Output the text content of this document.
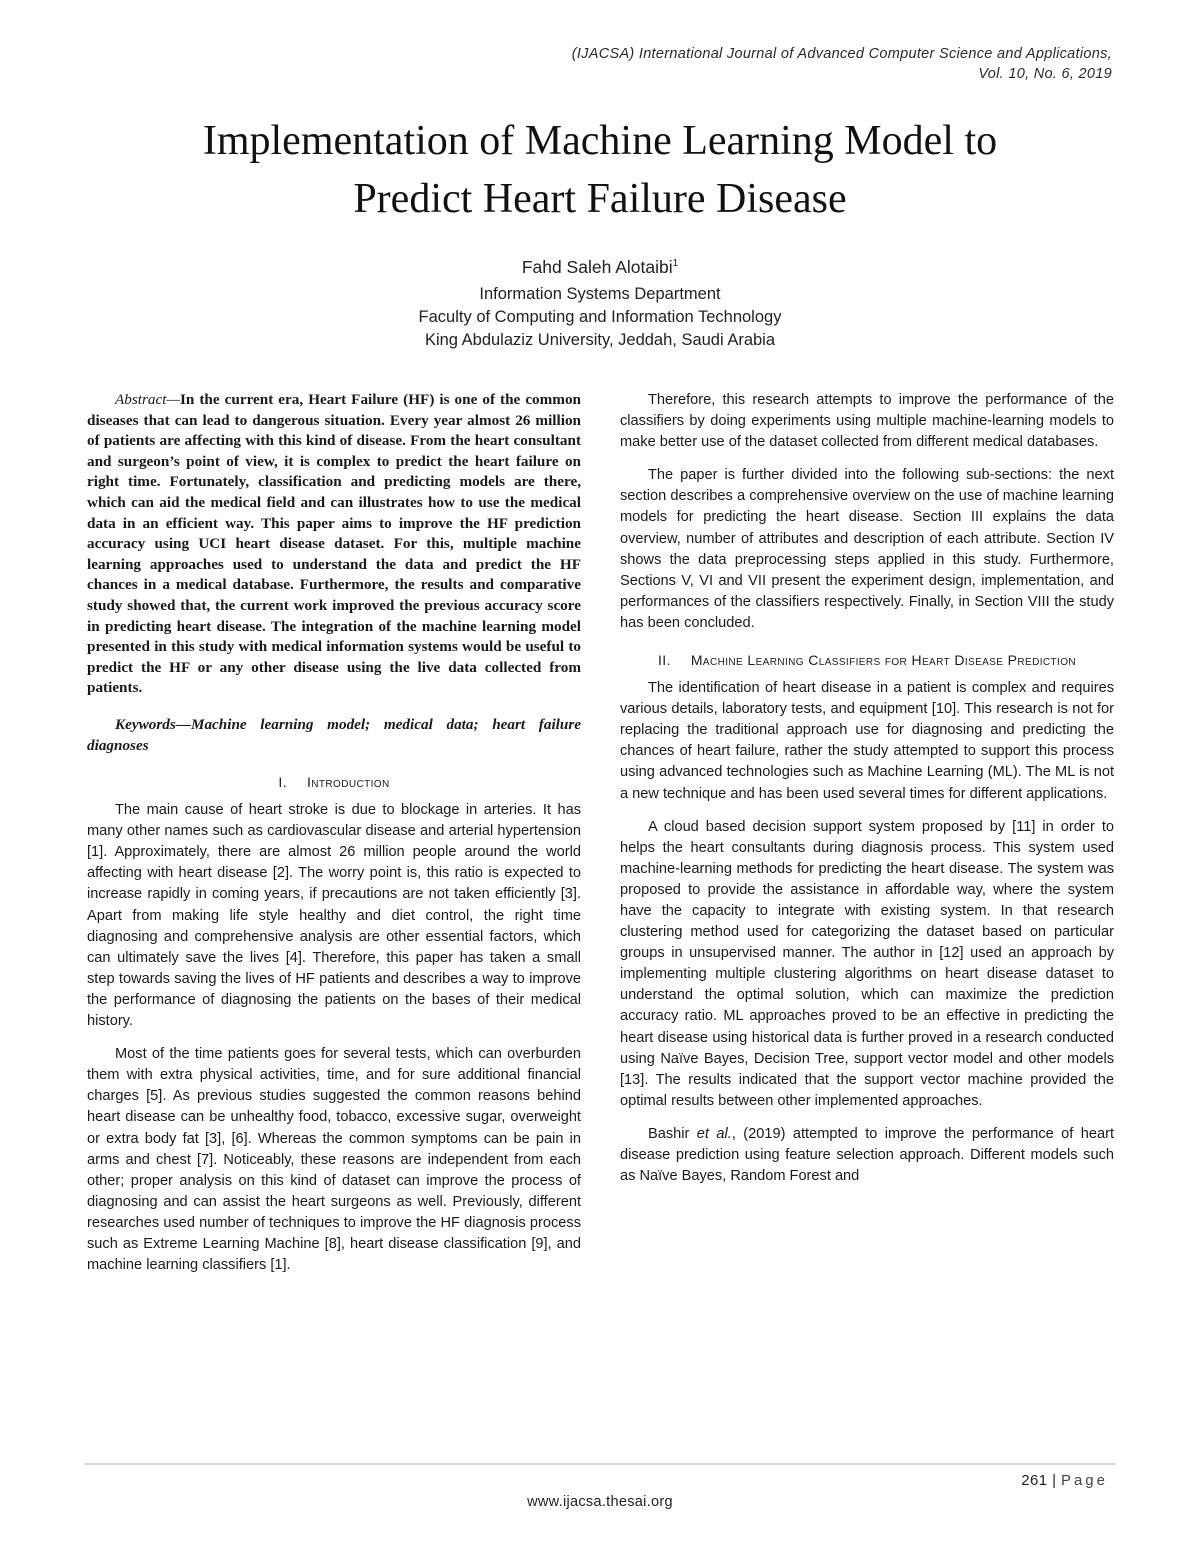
(IJACSA) International Journal of Advanced Computer Science and Applications,
Vol. 10, No. 6, 2019
Implementation of Machine Learning Model to
Predict Heart Failure Disease
Fahd Saleh Alotaibi$^1$
Information Systems Department
Faculty of Computing and Information Technology
King Abdulaziz University, Jeddah, Saudi Arabia

Abstract—In the current era, Heart Failure (HF) is one of the common diseases that can lead to dangerous situation. Every year almost 26 million of patients are affecting with this kind of disease. From the heart consultant and surgeon’s point of view, it is complex to predict the heart failure on right time. Fortunately, classification and predicting models are there, which can aid the medical field and can illustrates how to use the medical data in an efficient way. This paper aims to improve the HF prediction accuracy using UCI heart disease dataset. For this, multiple machine learning approaches used to understand the data and predict the HF chances in a medical database. Furthermore, the results and comparative study showed that, the current work improved the previous accuracy score in predicting heart disease. The integration of the machine learning model presented in this study with medical information systems would be useful to predict the HF or any other disease using the live data collected from patients.

Keywords—Machine learning model; medical data; heart failure diagnoses

I. Introduction

The main cause of heart stroke is due to blockage in arteries. It has many other names such as cardiovascular disease and arterial hypertension [1]. Approximately, there are almost 26 million people around the world affecting with heart disease [2]. The worry point is, this ratio is expected to increase rapidly in coming years, if precautions are not taken efficiently [3]. Apart from making life style healthy and diet control, the right time diagnosing and comprehensive analysis are other essential factors, which can ultimately save the lives [4]. Therefore, this paper has taken a small step towards saving the lives of HF patients and describes a way to improve the performance of diagnosing the patients on the bases of their medical history.

Most of the time patients goes for several tests, which can overburden them with extra physical activities, time, and for sure additional financial charges [5]. As previous studies suggested the common reasons behind heart disease can be unhealthy food, tobacco, excessive sugar, overweight or extra body fat [3], [6]. Whereas the common symptoms can be pain in arms and chest [7]. Noticeably, these reasons are independent from each other; proper analysis on this kind of dataset can improve the process of diagnosing and can assist the heart surgeons as well. Previously, different researches used number of techniques to improve the HF diagnosis process such as Extreme Learning Machine [8], heart disease classification [9], and machine learning classifiers [1].

Therefore, this research attempts to improve the performance of the classifiers by doing experiments using multiple machine-learning models to make better use of the dataset collected from different medical databases.

The paper is further divided into the following sub-sections: the next section describes a comprehensive overview on the use of machine learning models for predicting the heart disease. Section III explains the data overview, number of attributes and description of each attribute. Section IV shows the data preprocessing steps applied in this study. Furthermore, Sections V, VI and VII present the experiment design, implementation, and performances of the classifiers respectively. Finally, in Section VIII the study has been concluded.

II. Machine Learning Classifiers for Heart Disease Prediction

The identification of heart disease in a patient is complex and requires various details, laboratory tests, and equipment [10]. This research is not for replacing the traditional approach use for diagnosing and predicting the chances of heart failure, rather the study attempted to support this process using advanced technologies such as Machine Learning (ML). The ML is not a new technique and has been used several times for different applications.

A cloud based decision support system proposed by [11] in order to helps the heart consultants during diagnosis process. This system used machine-learning methods for predicting the heart disease. The system was proposed to provide the assistance in affordable way, where the system have the capacity to integrate with existing system. In that research clustering method used for categorizing the dataset based on particular groups in unsupervised manner. The author in [12] used an approach by implementing multiple clustering algorithms on heart disease dataset to understand the optimal solution, which can maximize the prediction accuracy ratio. ML approaches proved to be an effective in predicting the heart disease using historical data is further proved in a research conducted using Naïve Bayes, Decision Tree, support vector model and other models [13]. The results indicated that the support vector machine provided the optimal results between other implemented approaches.

Bashir et al., (2019) attempted to improve the performance of heart disease prediction using feature selection approach. Different models such as Naïve Bayes, Random Forest and

261 | Page
www.ijacsa.thesai.org
